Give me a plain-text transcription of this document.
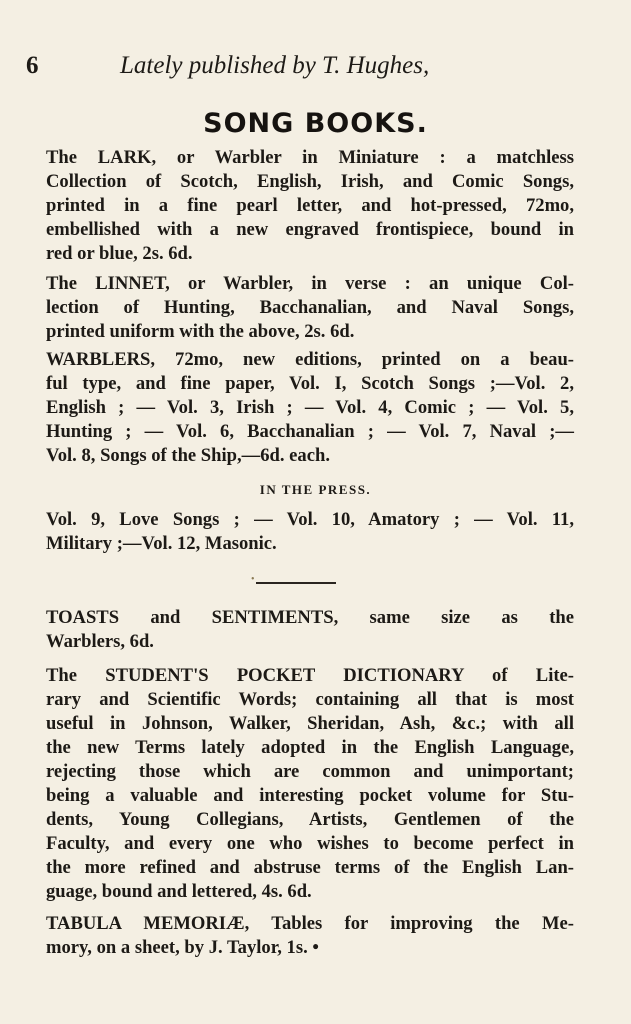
6	Lately published by T. Hughes,
SONG BOOKS.
The LARK, or Warbler in Miniature : a matchless
Collection of Scotch, English, Irish, and Comic Songs,
printed in a fine pearl letter, and hot-pressed, 72mo,
embellished with a new engraved frontispiece, bound in
red or blue, 2s. 6d.
The LINNET, or Warbler, in verse : an unique Col-
lection of Hunting, Bacchanalian, and Naval Songs,
printed uniform with the above, 2s. 6d.
WARBLERS, 72mo, new editions, printed on a beau-
ful type, and fine paper, Vol. I, Scotch Songs ;—Vol. 2,
English ; — Vol. 3, Irish ; — Vol. 4, Comic ; — Vol. 5,
Hunting ; — Vol. 6, Bacchanalian ; — Vol. 7, Naval ;—
Vol. 8, Songs of the Ship,—6d. each.
IN THE PRESS.
Vol. 9, Love Songs ; — Vol. 10, Amatory ; — Vol. 11,
Military ;—Vol. 12, Masonic.
•
TOASTS and SENTIMENTS, same size as the
Warblers, 6d.
The STUDENT'S POCKET DICTIONARY of Lite-
rary and Scientific Words; containing all that is most
useful in Johnson, Walker, Sheridan, Ash, &c.; with all
the new Terms lately adopted in the English Language,
rejecting those which are common and unimportant;
being a valuable and interesting pocket volume for Stu-
dents, Young Collegians, Artists, Gentlemen of the
Faculty, and every one who wishes to become perfect in
the more refined and abstruse terms of the English Lan-
guage, bound and lettered, 4s. 6d.
TABULA MEMORIÆ, Tables for improving the Me-
mory, on a sheet, by J. Taylor, 1s. •
